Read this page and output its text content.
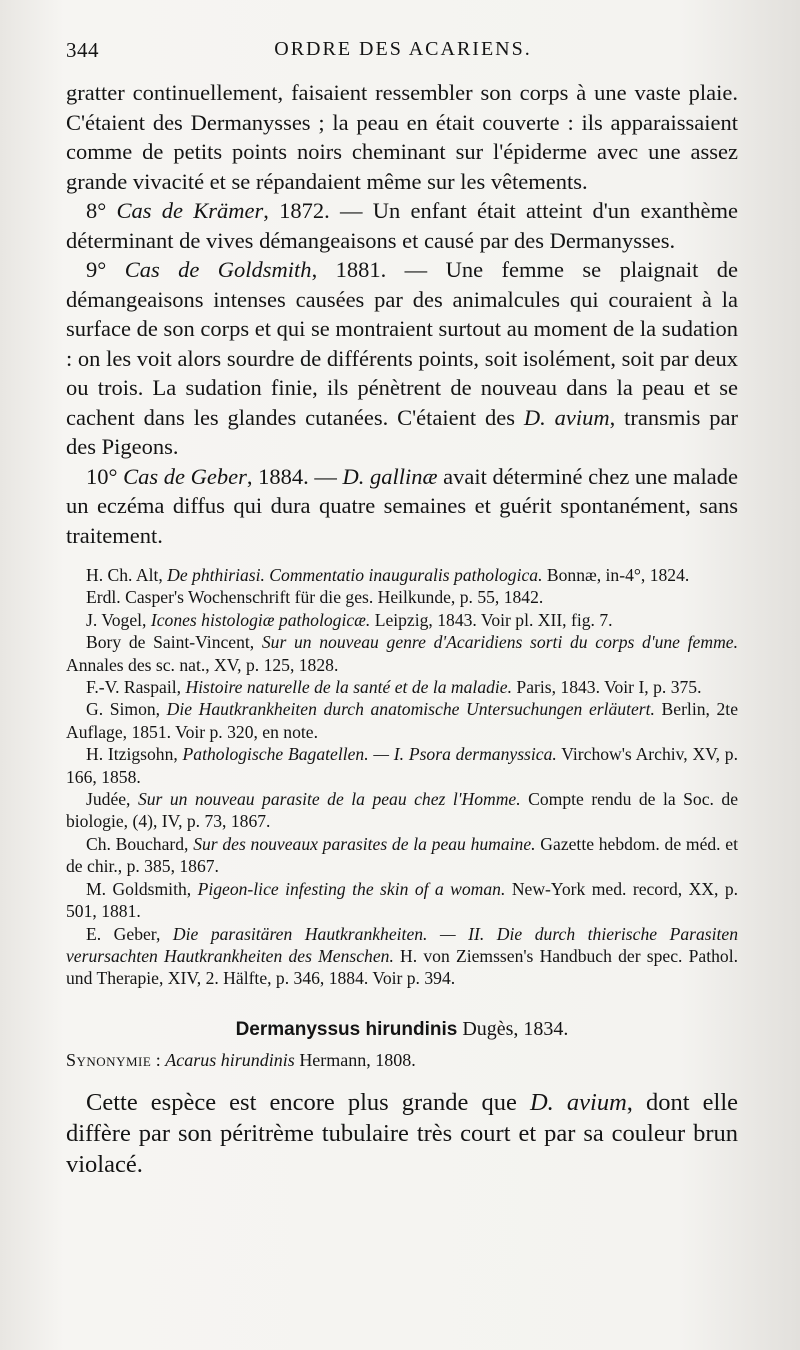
344	ORDRE DES ACARIENS.

gratter continuellement, faisaient ressembler son corps à une vaste plaie. C'étaient des Dermanysses ; la peau en était couverte : ils apparaissaient comme de petits points noirs cheminant sur l'épiderme avec une assez grande vivacité et se répandaient même sur les vêtements.

8° Cas de Krämer, 1872. — Un enfant était atteint d'un exanthème déterminant de vives démangeaisons et causé par des Dermanysses.

9° Cas de Goldsmith, 1881. — Une femme se plaignait de démangeaisons intenses causées par des animalcules qui couraient à la surface de son corps et qui se montraient surtout au moment de la sudation : on les voit alors sourdre de différents points, soit isolément, soit par deux ou trois. La sudation finie, ils pénètrent de nouveau dans la peau et se cachent dans les glandes cutanées. C'étaient des D. avium, transmis par des Pigeons.

10° Cas de Geber, 1884. — D. gallinæ avait déterminé chez une malade un eczéma diffus qui dura quatre semaines et guérit spontanément, sans traitement.

H. Ch. Alt, De phthiriasi. Commentatio inauguralis pathologica. Bonnæ, in-4°, 1824.

Erdl. Casper's Wochenschrift für die ges. Heilkunde, p. 55, 1842.

J. Vogel, Icones histologiæ pathologicæ. Leipzig, 1843. Voir pl. XII, fig. 7.

Bory de Saint-Vincent, Sur un nouveau genre d'Acaridiens sorti du corps d'une femme. Annales des sc. nat., XV, p. 125, 1828.

F.-V. Raspail, Histoire naturelle de la santé et de la maladie. Paris, 1843. Voir I, p. 375.

G. Simon, Die Hautkrankheiten durch anatomische Untersuchungen erläutert. Berlin, 2te Auflage, 1851. Voir p. 320, en note.

H. Itzigsohn, Pathologische Bagatellen. — I. Psora dermanyssica. Virchow's Archiv, XV, p. 166, 1858.

Judée, Sur un nouveau parasite de la peau chez l'Homme. Compte rendu de la Soc. de biologie, (4), IV, p. 73, 1867.

Ch. Bouchard, Sur des nouveaux parasites de la peau humaine. Gazette hebdom. de méd. et de chir., p. 385, 1867.

M. Goldsmith, Pigeon-lice infesting the skin of a woman. New-York med. record, XX, p. 501, 1881.

E. Geber, Die parasitären Hautkrankheiten. — II. Die durch thierische Parasiten verursachten Hautkrankheiten des Menschen. H. von Ziemssen's Handbuch der spec. Pathol. und Therapie, XIV, 2. Hälfte, p. 346, 1884. Voir p. 394.

Dermanyssus hirundinis Dugès, 1834.

Synonymie : Acarus hirundinis Hermann, 1808.

Cette espèce est encore plus grande que D. avium, dont elle diffère par son péritrème tubulaire très court et par sa couleur brun violacé.
